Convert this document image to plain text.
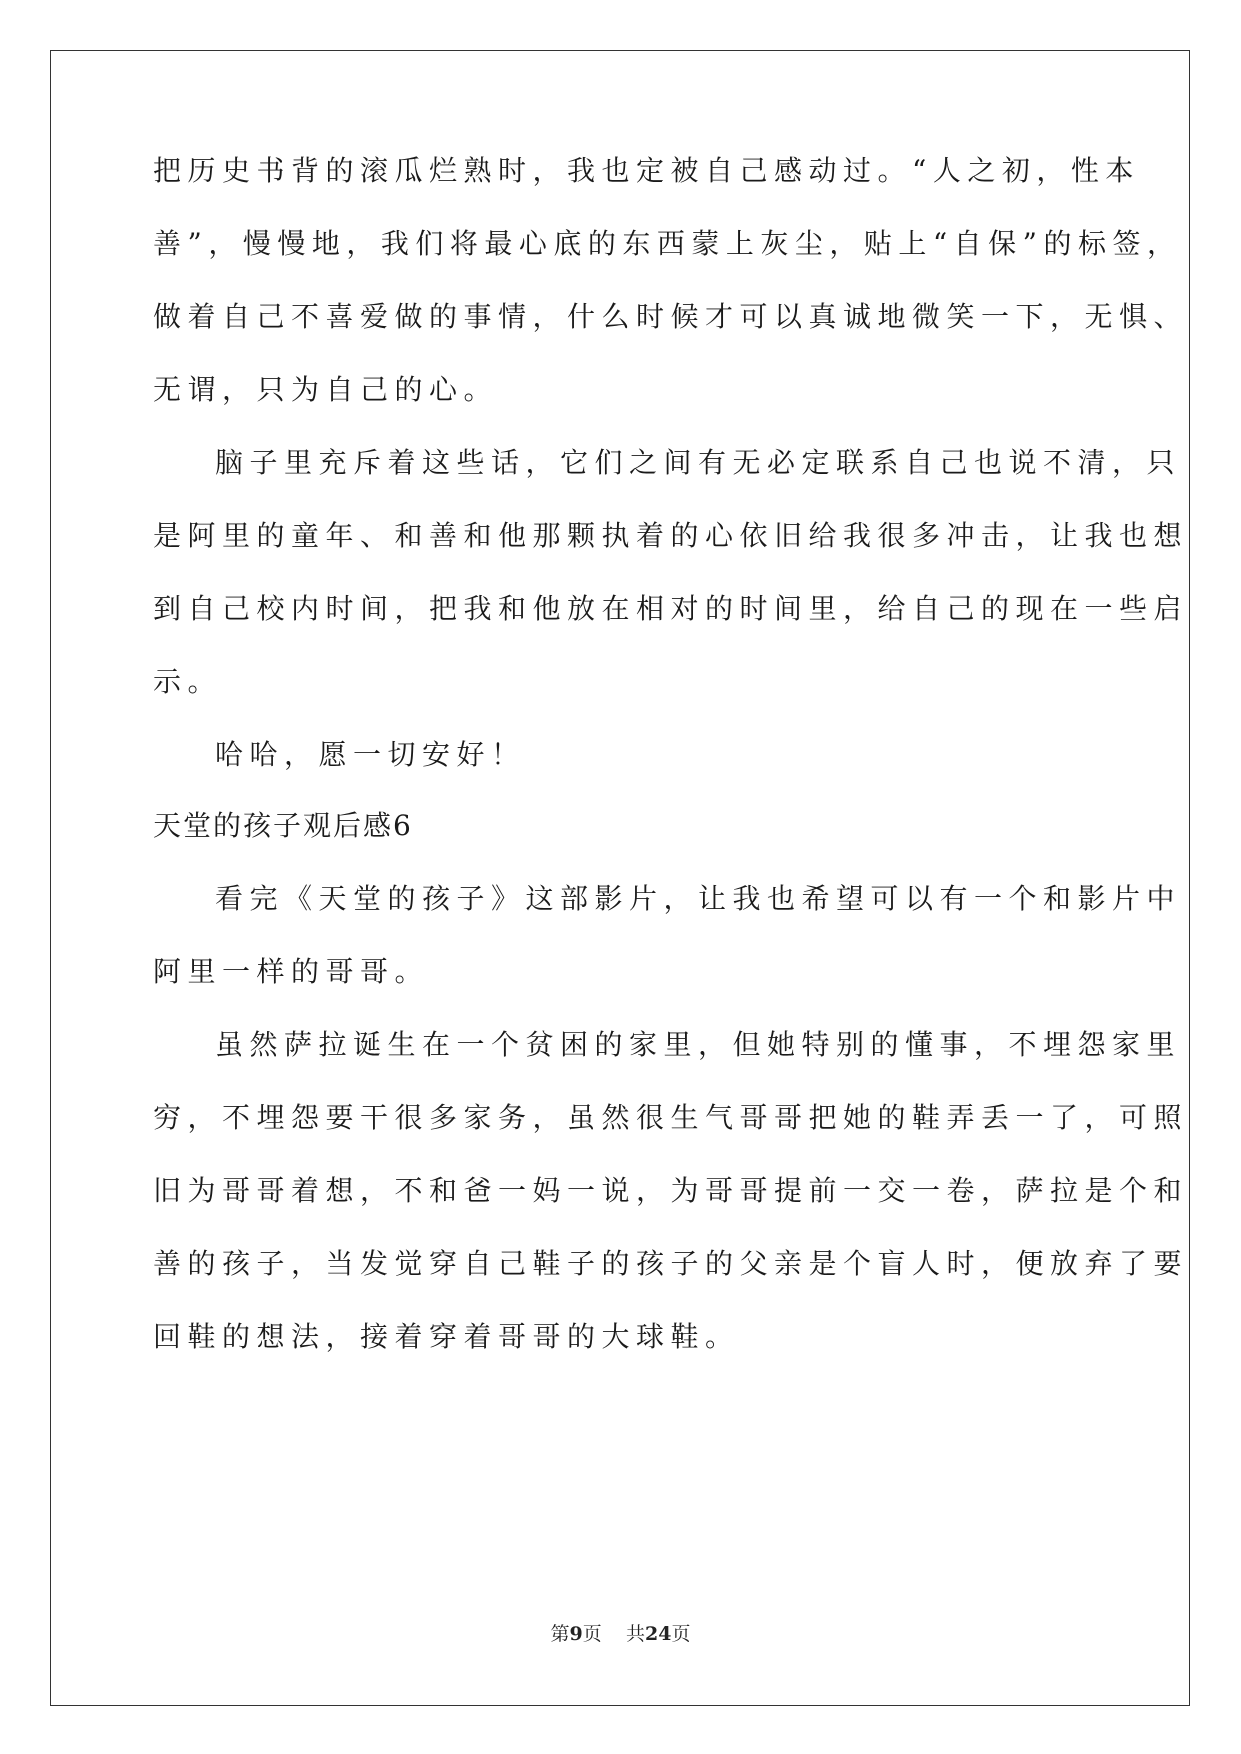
把历史书背的滚瓜烂熟时，我也定被自己感动过。“人之初，性本
善”，慢慢地，我们将最心底的东西蒙上灰尘，贴上“自保”的标签，
做着自己不喜爱做的事情，什么时候才可以真诚地微笑一下，无惧、
无谓，只为自己的心。
脑子里充斥着这些话，它们之间有无必定联系自己也说不清，只
是阿里的童年、和善和他那颗执着的心依旧给我很多冲击，让我也想
到自己校内时间，把我和他放在相对的时间里，给自己的现在一些启
示。
哈哈，愿一切安好！
天堂的孩子观后感6
看完《天堂的孩子》这部影片，让我也希望可以有一个和影片中
阿里一样的哥哥。
虽然萨拉诞生在一个贫困的家里，但她特别的懂事，不埋怨家里
穷，不埋怨要干很多家务，虽然很生气哥哥把她的鞋弄丢一了，可照
旧为哥哥着想，不和爸一妈一说，为哥哥提前一交一卷，萨拉是个和
善的孩子，当发觉穿自己鞋子的孩子的父亲是个盲人时，便放弃了要
回鞋的想法，接着穿着哥哥的大球鞋。
第9页 共24页
